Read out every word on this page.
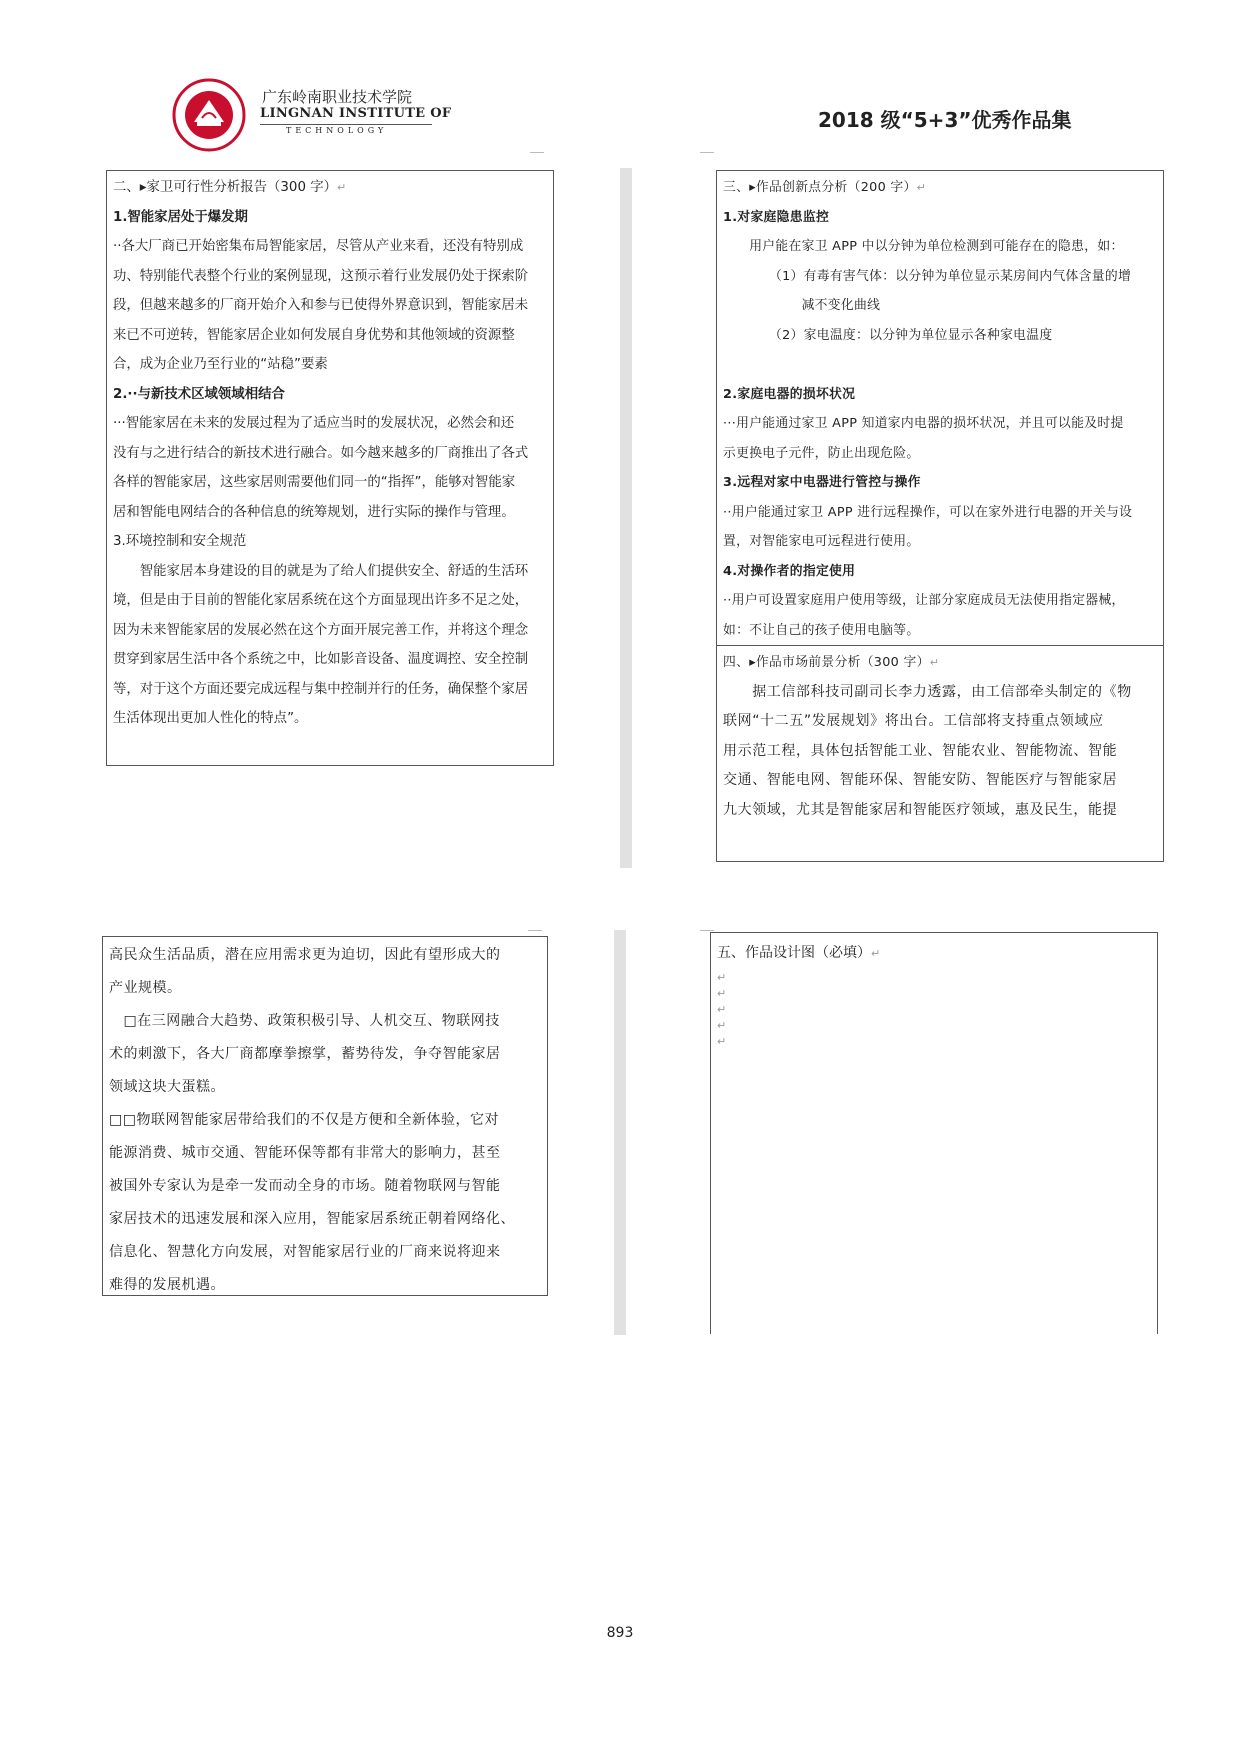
广东岭南职业技术学院
LINGNAN INSTITUTE OF
TECHNOLOGY	2018 级“5+3”优秀作品集

二、▸家卫可行性分析报告（300 字）↵

1.智能家居处于爆发期

··各大厂商已开始密集布局智能家居，尽管从产业来看，还没有特别成

功、特别能代表整个行业的案例显现，这预示着行业发展仍处于探索阶

段，但越来越多的厂商开始介入和参与已使得外界意识到，智能家居未

来已不可逆转，智能家居企业如何发展自身优势和其他领域的资源整

合，成为企业乃至行业的“站稳”要素

2.··与新技术区域领域相结合

···智能家居在未来的发展过程为了适应当时的发展状况，必然会和还

没有与之进行结合的新技术进行融合。如今越来越多的厂商推出了各式

各样的智能家居，这些家居则需要他们同一的“指挥”，能够对智能家

居和智能电网结合的各种信息的统筹规划，进行实际的操作与管理。

3.环境控制和安全规范

　　智能家居本身建设的目的就是为了给人们提供安全、舒适的生活环

境，但是由于目前的智能化家居系统在这个方面显现出许多不足之处，

因为未来智能家居的发展必然在这个方面开展完善工作，并将这个理念

贯穿到家居生活中各个系统之中，比如影音设备、温度调控、安全控制

等，对于这个方面还要完成远程与集中控制并行的任务，确保整个家居

生活体现出更加人性化的特点”。

三、▸作品创新点分析（200 字）↵

1.对家庭隐患监控

　　用户能在家卫 APP 中以分钟为单位检测到可能存在的隐患，如：

　　　　（1）有毒有害气体：以分钟为单位显示某房间内气体含量的增

　　　　　　减不变化曲线

　　　　（2）家电温度：以分钟为单位显示各种家电温度

2.家庭电器的损坏状况

···用户能通过家卫 APP 知道家内电器的损坏状况，并且可以能及时提

示更换电子元件，防止出现危险。

3.远程对家中电器进行管控与操作

··用户能通过家卫 APP 进行远程操作，可以在家外进行电器的开关与设

置，对智能家电可远程进行使用。

4.对操作者的指定使用

··用户可设置家庭用户使用等级，让部分家庭成员无法使用指定器械，

如：不让自己的孩子使用电脑等。

四、▸作品市场前景分析（300 字）↵

　　据工信部科技司副司长李力透露，由工信部牵头制定的《物

联网“十二五”发展规划》将出台。工信部将支持重点领域应

用示范工程，具体包括智能工业、智能农业、智能物流、智能

交通、智能电网、智能环保、智能安防、智能医疗与智能家居

九大领域，尤其是智能家居和智能医疗领域，惠及民生，能提

高民众生活品质，潜在应用需求更为迫切，因此有望形成大的

产业规模。

　□在三网融合大趋势、政策积极引导、人机交互、物联网技

术的刺激下，各大厂商都摩拳擦掌，蓄势待发，争夺智能家居

领域这块大蛋糕。

□□物联网智能家居带给我们的不仅是方便和全新体验，它对

能源消费、城市交通、智能环保等都有非常大的影响力，甚至

被国外专家认为是牵一发而动全身的市场。随着物联网与智能

家居技术的迅速发展和深入应用，智能家居系统正朝着网络化、

信息化、智慧化方向发展，对智能家居行业的厂商来说将迎来

难得的发展机遇。

五、作品设计图（必填）↵

↵
↵
↵
↵
↵
893
